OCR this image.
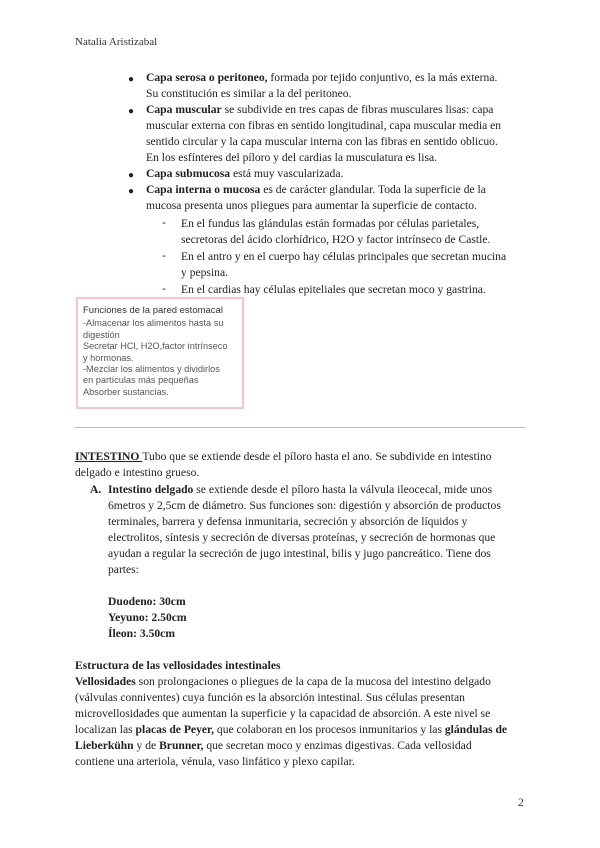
Natalia Aristizabal
● Capa serosa o peritoneo, formada por tejido conjuntivo, es la más externa.
Su constitución es similar a la del peritoneo.
● Capa muscular se subdivide en tres capas de fibras musculares lisas: capa
muscular externa con fibras en sentido longitudinal, capa muscular media en
sentido circular y la capa muscular interna con las fibras en sentido oblicuo.
En los esfínteres del píloro y del cardias la musculatura es lisa.
● Capa submucosa está muy vascularizada.
● Capa interna o mucosa es de carácter glandular. Toda la superficie de la
mucosa presenta unos pliegues para aumentar la superficie de contacto.
- En el fundus las glándulas están formadas por células parietales,
secretoras del ácido clorhídrico, H2O y factor intrínseco de Castle.
- En el antro y en el cuerpo hay células principales que secretan mucina
y pepsina.
- En el cardias hay células epiteliales que secretan moco y gastrina.
Funciones de la pared estomacal
-Almacenar los alimentos hasta su
digestión
Secretar HCl, H2O,factor intrínseco
y hormonas.
-Mezclar los alimentos y dividirlos
en partículas más pequeñas
Absorber sustancias.
INTESTINO Tubo que se extiende desde el píloro hasta el ano. Se subdivide en intestino
delgado e intestino grueso.
A. Intestino delgado se extiende desde el píloro hasta la válvula ileocecal, mide unos
6metros y 2,5cm de diámetro. Sus funciones son: digestión y absorción de productos
terminales, barrera y defensa inmunitaria, secreción y absorción de líquidos y
electrolitos, síntesis y secreción de diversas proteínas, y secreción de hormonas que
ayudan a regular la secreción de jugo intestinal, bilis y jugo pancreático. Tiene dos
partes:
Duodeno: 30cm
Yeyuno: 2.50cm
Íleon: 3.50cm
Estructura de las vellosidades intestinales
Vellosidades son prolongaciones o pliegues de la capa de la mucosa del intestino delgado
(válvulas conniventes) cuya función es la absorción intestinal. Sus células presentan
microvellosidades que aumentan la superficie y la capacidad de absorción. A este nivel se
localizan las placas de Peyer, que colaboran en los procesos inmunitarios y las glándulas de
Lieberkühn y de Brunner, que secretan moco y enzimas digestivas. Cada vellosidad
contiene una arteriola, vénula, vaso linfático y plexo capilar.
2
